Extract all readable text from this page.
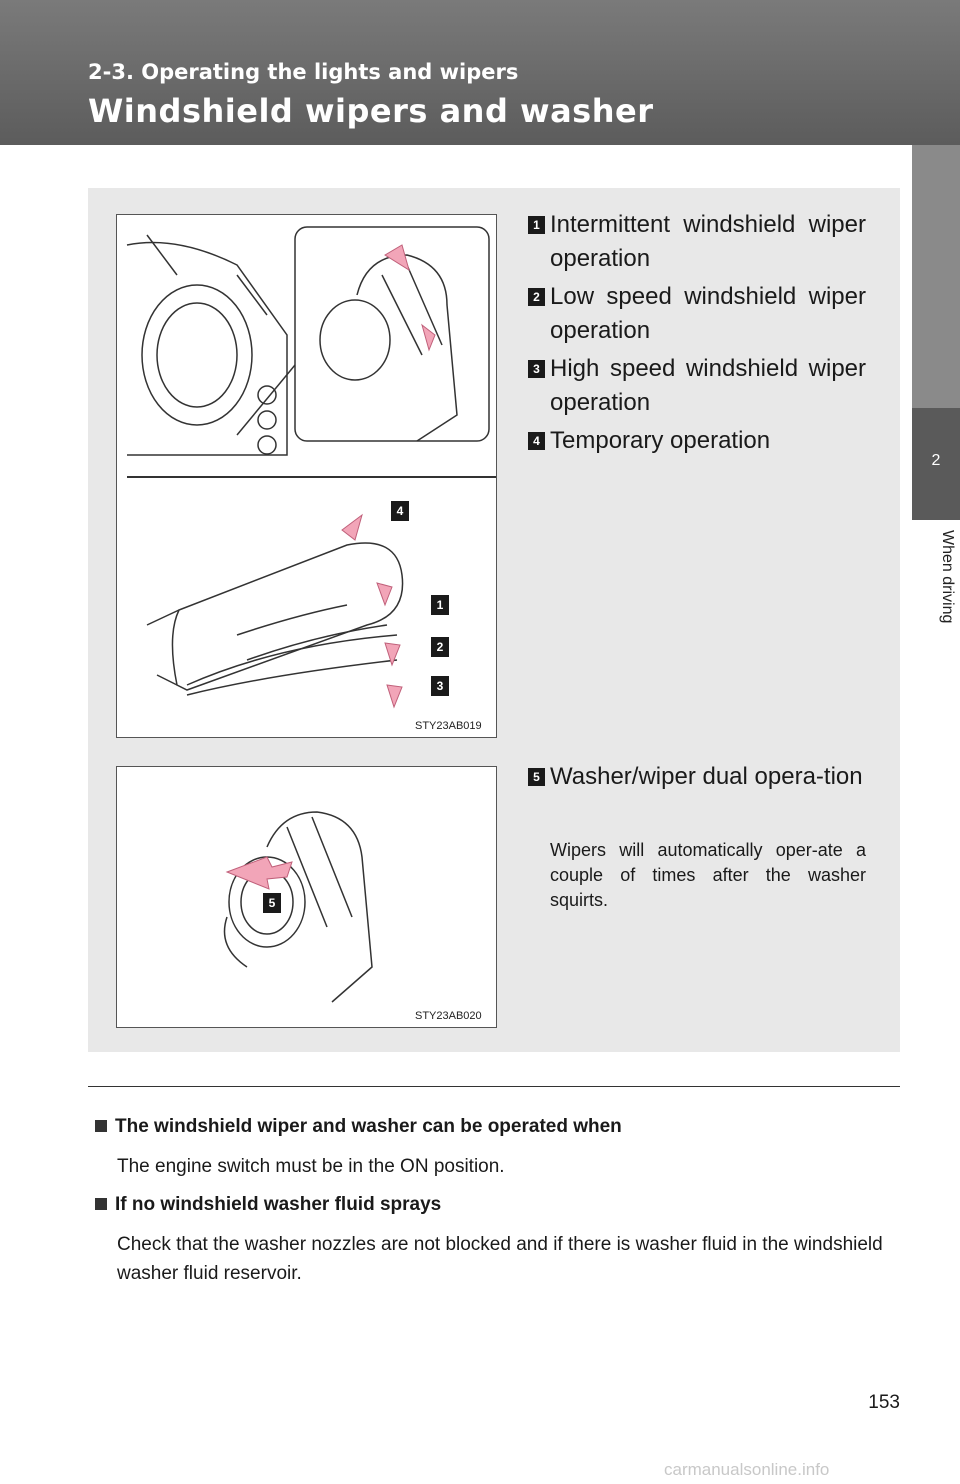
2-3. Operating the lights and wipers
Windshield wipers and washer
2
When driving
4
1
2
3
STY23AB019
5
STY23AB020
1 Intermittent windshield wiper operation
2 Low speed windshield wiper operation
3 High speed windshield wiper operation
4 Temporary operation
5 Washer/wiper dual opera-tion
Wipers will automatically oper-ate a couple of times after the washer squirts.
The windshield wiper and washer can be operated when
The engine switch must be in the ON position.
If no windshield washer fluid sprays
Check that the washer nozzles are not blocked and if there is washer fluid in the windshield washer fluid reservoir.
153
carmanualsonline.info
